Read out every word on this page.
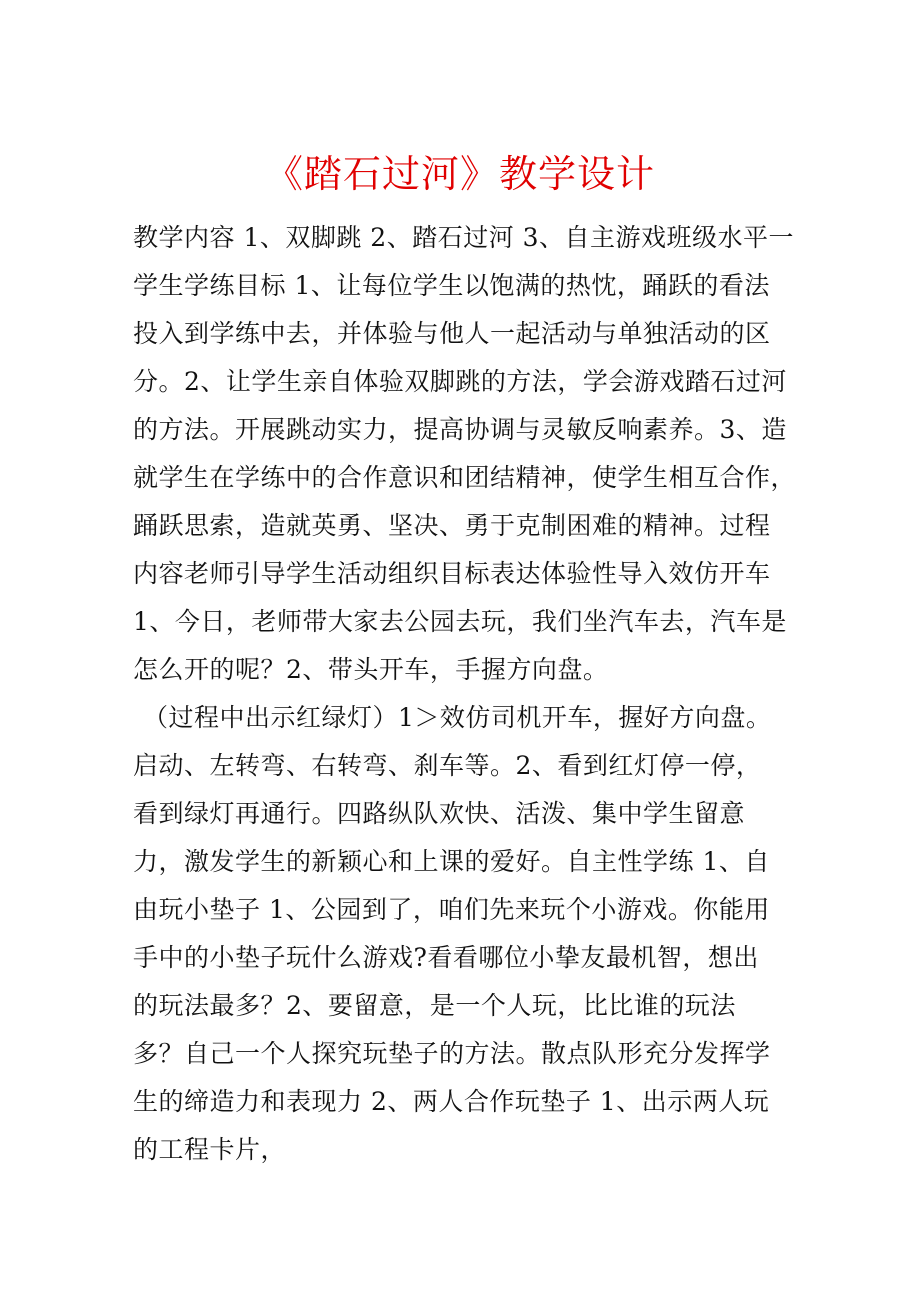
《踏石过河》教学设计
教学内容 1、双脚跳 2、踏石过河 3、自主游戏班级水平一
学生学练目标 1、让每位学生以饱满的热忱，踊跃的看法
投入到学练中去，并体验与他人一起活动与单独活动的区
分。2、让学生亲自体验双脚跳的方法，学会游戏踏石过河
的方法。开展跳动实力，提高协调与灵敏反响素养。3、造
就学生在学练中的合作意识和团结精神，使学生相互合作，
踊跃思索，造就英勇、坚决、勇于克制困难的精神。过程
内容老师引导学生活动组织目标表达体验性导入效仿开车
1、今日，老师带大家去公园去玩，我们坐汽车去，汽车是
怎么开的呢？2、带头开车，手握方向盘。
（过程中出示红绿灯）1＞效仿司机开车，握好方向盘。
启动、左转弯、右转弯、刹车等。2、看到红灯停一停，
看到绿灯再通行。四路纵队欢快、活泼、集中学生留意
力，激发学生的新颖心和上课的爱好。自主性学练 1、自
由玩小垫子 1、公园到了，咱们先来玩个小游戏。你能用
手中的小垫子玩什么游戏?看看哪位小挚友最机智，想出
的玩法最多？2、要留意，是一个人玩，比比谁的玩法
多？自己一个人探究玩垫子的方法。散点队形充分发挥学
生的缔造力和表现力 2、两人合作玩垫子 1、出示两人玩
的工程卡片，
